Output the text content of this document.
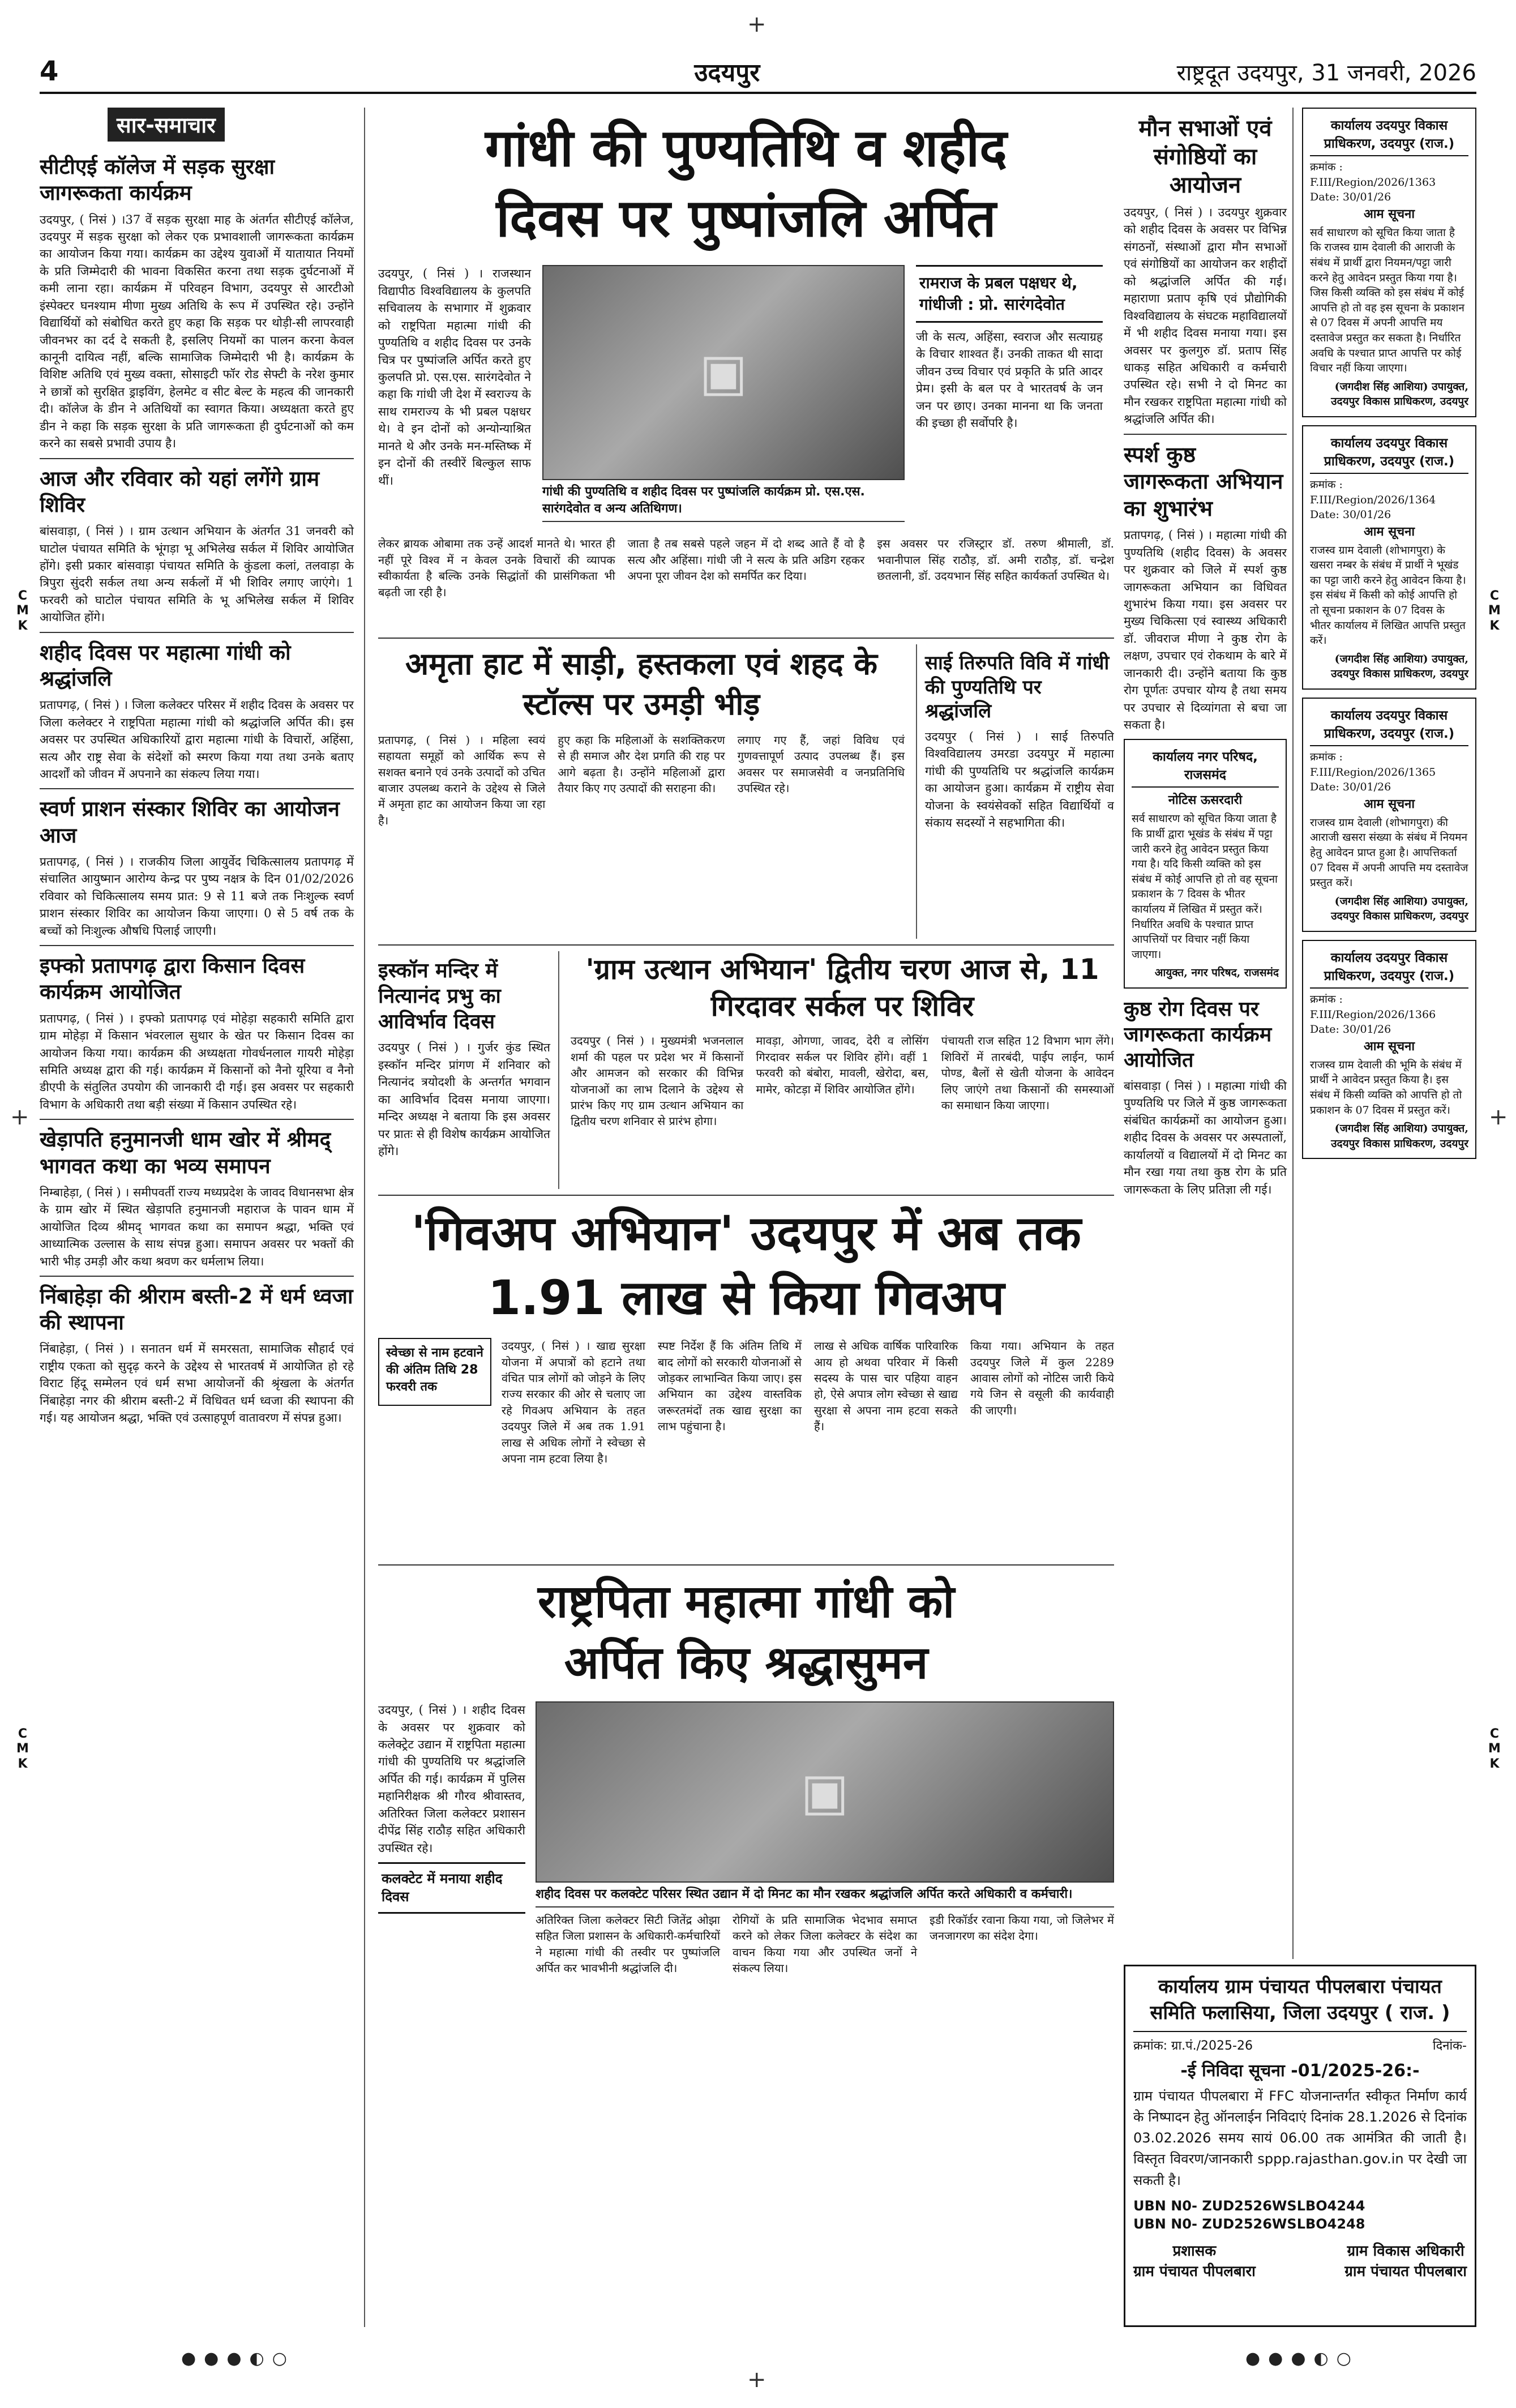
4	उदयपुर	राष्ट्रदूत उदयपुर, 31 जनवरी, 2026
सार-समाचार
सीटीएई कॉलेज में सड़क सुरक्षा जागरूकता कार्यक्रम

उदयपुर, ( निसं ) ।37 वें सड़क सुरक्षा माह के अंतर्गत सीटीएई कॉलेज, उदयपुर में सड़क सुरक्षा को लेकर एक प्रभावशाली जागरूकता कार्यक्रम का आयोजन किया गया। कार्यक्रम का उद्देश्य युवाओं में यातायात नियमों के प्रति जिम्मेदारी की भावना विकसित करना तथा सड़क दुर्घटनाओं में कमी लाना रहा। कार्यक्रम में परिवहन विभाग, उदयपुर से आरटीओ इंस्पेक्टर घनश्याम मीणा मुख्य अतिथि के रूप में उपस्थित रहे। उन्होंने विद्यार्थियों को संबोधित करते हुए कहा कि सड़क पर थोड़ी-सी लापरवाही जीवनभर का दर्द दे सकती है, इसलिए नियमों का पालन करना केवल कानूनी दायित्व नहीं, बल्कि सामाजिक जिम्मेदारी भी है। कार्यक्रम के विशिष्ट अतिथि एवं मुख्य वक्ता, सोसाइटी फॉर रोड सेफ्टी के नरेश कुमार ने छात्रों को सुरक्षित ड्राइविंग, हेलमेट व सीट बेल्ट के महत्व की जानकारी दी। कॉलेज के डीन ने अतिथियों का स्वागत किया। अध्यक्षता करते हुए डीन ने कहा कि सड़क सुरक्षा के प्रति जागरूकता ही दुर्घटनाओं को कम करने का सबसे प्रभावी उपाय है।

आज और रविवार को यहां लगेंगे ग्राम शिविर

बांसवाड़ा, ( निसं ) । ग्राम उत्थान अभियान के अंतर्गत 31 जनवरी को घाटोल पंचायत समिति के भूंगड़ा भू अभिलेख सर्कल में शिविर आयोजित होंगे। इसी प्रकार बांसवाड़ा पंचायत समिति के कुंडला कलां, तलवाड़ा के त्रिपुरा सुंदरी सर्कल तथा अन्य सर्कलों में भी शिविर लगाए जाएंगे। 1 फरवरी को घाटोल पंचायत समिति के भू अभिलेख सर्कल में शिविर आयोजित होंगे।

शहीद दिवस पर महात्मा गांधी को श्रद्धांजलि

प्रतापगढ़, ( निसं ) । जिला कलेक्टर परिसर में शहीद दिवस के अवसर पर जिला कलेक्टर ने राष्ट्रपिता महात्मा गांधी को श्रद्धांजलि अर्पित की। इस अवसर पर उपस्थित अधिकारियों द्वारा महात्मा गांधी के विचारों, अहिंसा, सत्य और राष्ट्र सेवा के संदेशों को स्मरण किया गया तथा उनके बताए आदर्शों को जीवन में अपनाने का संकल्प लिया गया।

स्वर्ण प्राशन संस्कार शिविर का आयोजन आज

प्रतापगढ़, ( निसं ) । राजकीय जिला आयुर्वेद चिकित्सालय प्रतापगढ़ में संचालित आयुष्मान आरोग्य केन्द्र पर पुष्य नक्षत्र के दिन 01/02/2026 रविवार को चिकित्सालय समय प्रात: 9 से 11 बजे तक निःशुल्क स्वर्ण प्राशन संस्कार शिविर का आयोजन किया जाएगा। 0 से 5 वर्ष तक के बच्चों को निःशुल्क औषधि पिलाई जाएगी।

इफ्को प्रतापगढ़ द्वारा किसान दिवस कार्यक्रम आयोजित

प्रतापगढ़, ( निसं ) । इफ्को प्रतापगढ़ एवं मोहेड़ा सहकारी समिति द्वारा ग्राम मोहेड़ा में किसान भंवरलाल सुथार के खेत पर किसान दिवस का आयोजन किया गया। कार्यक्रम की अध्यक्षता गोवर्धनलाल गायरी मोहेड़ा समिति अध्यक्ष द्वारा की गई। कार्यक्रम में किसानों को नैनो यूरिया व नैनो डीएपी के संतुलित उपयोग की जानकारी दी गई। इस अवसर पर सहकारी विभाग के अधिकारी तथा बड़ी संख्या में किसान उपस्थित रहे।

खेड़ापति हनुमानजी धाम खोर में श्रीमद् भागवत कथा का भव्य समापन

निम्बाहेड़ा, ( निसं ) । समीपवर्ती राज्य मध्यप्रदेश के जावद विधानसभा क्षेत्र के ग्राम खोर में स्थित खेड़ापति हनुमानजी महाराज के पावन धाम में आयोजित दिव्य श्रीमद् भागवत कथा का समापन श्रद्धा, भक्ति एवं आध्यात्मिक उल्लास के साथ संपन्न हुआ। समापन अवसर पर भक्तों की भारी भीड़ उमड़ी और कथा श्रवण कर धर्मलाभ लिया।

निंबाहेड़ा की श्रीराम बस्ती-2 में धर्म ध्वजा की स्थापना

निंबाहेड़ा, ( निसं ) । सनातन धर्म में समरसता, सामाजिक सौहार्द एवं राष्ट्रीय एकता को सुदृढ़ करने के उद्देश्य से भारतवर्ष में आयोजित हो रहे विराट हिंदू सम्मेलन एवं धर्म सभा आयोजनों की श्रृंखला के अंतर्गत निंबाहेड़ा नगर की श्रीराम बस्ती-2 में विधिवत धर्म ध्वजा की स्थापना की गई। यह आयोजन श्रद्धा, भक्ति एवं उत्साहपूर्ण वातावरण में संपन्न हुआ।

गांधी की पुण्यतिथि व शहीद
दिवस पर पुष्पांजलि अर्पित

उदयपुर, ( निसं ) । राजस्थान विद्यापीठ विश्वविद्यालय के कुलपति सचिवालय के सभागार में शुक्रवार को राष्ट्रपिता महात्मा गांधी की पुण्यतिथि व शहीद दिवस पर उनके चित्र पर पुष्पांजलि अर्पित करते हुए कुलपति प्रो. एस.एस. सारंगदेवोत ने कहा कि गांधी जी देश में स्वराज्य के साथ रामराज्य के भी प्रबल पक्षधर थे। वे इन दोनों को अन्योन्याश्रित मानते थे और उनके मन-मस्तिष्क में इन दोनों की तस्वीरें बिल्कुल साफ थीं।

▣
गांधी की पुण्यतिथि व शहीद दिवस पर पुष्पांजलि कार्यक्रम प्रो. एस.एस. सारंगदेवोत व अन्य अतिथिगण।
रामराज के प्रबल पक्षधर थे, गांधीजी : प्रो. सारंगदेवोत

जी के सत्य, अहिंसा, स्वराज और सत्याग्रह के विचार शाश्वत हैं। उनकी ताकत थी सादा जीवन उच्च विचार एवं प्रकृति के प्रति आदर प्रेम। इसी के बल पर वे भारतवर्ष के जन जन पर छाए। उनका मानना था कि जनता की इच्छा ही सर्वोपरि है।

लेकर ब्रायक ओबामा तक उन्हें आदर्श मानते थे। भारत ही नहीं पूरे विश्व में न केवल उनके विचारों की व्यापक स्वीकार्यता है बल्कि उनके सिद्धांतों की प्रासंगिकता भी बढ़ती जा रही है।

जाता है तब सबसे पहले जहन में दो शब्द आते हैं वो है सत्य और अहिंसा। गांधी जी ने सत्य के प्रति अडिग रहकर अपना पूरा जीवन देश को समर्पित कर दिया।

इस अवसर पर रजिस्ट्रार डॉ. तरुण श्रीमाली, डॉ. भवानीपाल सिंह राठौड़, डॉ. अमी राठौड़, डॉ. चन्द्रेश छतलानी, डॉ. उदयभान सिंह सहित कार्यकर्ता उपस्थित थे।

अमृता हाट में साड़ी, हस्तकला एवं शहद के स्टॉल्स पर उमड़ी भीड़

प्रतापगढ़, ( निसं ) । महिला स्वयं सहायता समूहों को आर्थिक रूप से सशक्त बनाने एवं उनके उत्पादों को उचित बाजार उपलब्ध कराने के उद्देश्य से जिले में अमृता हाट का आयोजन किया जा रहा है।

हुए कहा कि महिलाओं के सशक्तिकरण से ही समाज और देश प्रगति की राह पर आगे बढ़ता है। उन्होंने महिलाओं द्वारा तैयार किए गए उत्पादों की सराहना की।

लगाए गए हैं, जहां विविध एवं गुणवत्तापूर्ण उत्पाद उपलब्ध हैं। इस अवसर पर समाजसेवी व जनप्रतिनिधि उपस्थित रहे।

साई तिरुपति विवि में गांधी की पुण्यतिथि पर श्रद्धांजलि

उदयपुर ( निसं ) । साई तिरुपति विश्वविद्यालय उमरडा उदयपुर में महात्मा गांधी की पुण्यतिथि पर श्रद्धांजलि कार्यक्रम का आयोजन हुआ। कार्यक्रम में राष्ट्रीय सेवा योजना के स्वयंसेवकों सहित विद्यार्थियों व संकाय सदस्यों ने सहभागिता की।

इस्कॉन मन्दिर में नित्यानंद प्रभु का आविर्भाव दिवस

उदयपुर ( निसं ) । गुर्जर कुंड स्थित इस्कॉन मन्दिर प्रांगण में शनिवार को नित्यानंद त्रयोदशी के अन्तर्गत भगवान का आविर्भाव दिवस मनाया जाएगा। मन्दिर अध्यक्ष ने बताया कि इस अवसर पर प्रातः से ही विशेष कार्यक्रम आयोजित होंगे।

'ग्राम उत्थान अभियान' द्वितीय चरण आज से, 11 गिरदावर सर्कल पर शिविर

उदयपुर ( निसं ) । मुख्यमंत्री भजनलाल शर्मा की पहल पर प्रदेश भर में किसानों और आमजन को सरकार की विभिन्न योजनाओं का लाभ दिलाने के उद्देश्य से प्रारंभ किए गए ग्राम उत्थान अभियान का द्वितीय चरण शनिवार से प्रारंभ होगा।

मावड़ा, ओगणा, जावद, देरी व लोसिंग गिरदावर सर्कल पर शिविर होंगे। वहीं 1 फरवरी को बंबोरा, मावली, खेरोदा, बस, मामेर, कोटड़ा में शिविर आयोजित होंगे।

पंचायती राज सहित 12 विभाग भाग लेंगे। शिविरों में तारबंदी, पाईप लाईन, फार्म पोण्ड, बैलों से खेती योजना के आवेदन लिए जाएंगे तथा किसानों की समस्याओं का समाधान किया जाएगा।

'गिवअप अभियान' उदयपुर में अब तक
1.91 लाख से किया गिवअप
स्वेच्छा से नाम हटवाने की अंतिम तिथि 28 फरवरी तक

उदयपुर, ( निसं ) । खाद्य सुरक्षा योजना में अपात्रों को हटाने तथा वंचित पात्र लोगों को जोड़ने के लिए राज्य सरकार की ओर से चलाए जा रहे गिवअप अभियान के तहत उदयपुर जिले में अब तक 1.91 लाख से अधिक लोगों ने स्वेच्छा से अपना नाम हटवा लिया है।

स्पष्ट निर्देश हैं कि अंतिम तिथि में बाद लोगों को सरकारी योजनाओं से जोड़कर लाभान्वित किया जाए। इस अभियान का उद्देश्य वास्तविक जरूरतमंदों तक खाद्य सुरक्षा का लाभ पहुंचाना है।

लाख से अधिक वार्षिक पारिवारिक आय हो अथवा परिवार में किसी सदस्य के पास चार पहिया वाहन हो, ऐसे अपात्र लोग स्वेच्छा से खाद्य सुरक्षा से अपना नाम हटवा सकते हैं।

किया गया। अभियान के तहत उदयपुर जिले में कुल 2289 आवास लोगों को नोटिस जारी किये गये जिन से वसूली की कार्यवाही की जाएगी।

राष्ट्रपिता महात्मा गांधी को
अर्पित किए श्रद्धासुमन

उदयपुर, ( निसं ) । शहीद दिवस के अवसर पर शुक्रवार को कलेक्ट्रेट उद्यान में राष्ट्रपिता महात्मा गांधी की पुण्यतिथि पर श्रद्धांजलि अर्पित की गई। कार्यक्रम में पुलिस महानिरीक्षक श्री गौरव श्रीवास्तव, अतिरिक्त जिला कलेक्टर प्रशासन दीपेंद्र सिंह राठौड़ सहित अधिकारी उपस्थित रहे।

कलक्टेट में मनाया शहीद दिवस
▣
शहीद दिवस पर कलक्टेट परिसर स्थित उद्यान में दो मिनट का मौन रखकर श्रद्धांजलि अर्पित करते अधिकारी व कर्मचारी।

अतिरिक्त जिला कलेक्टर सिटी जितेंद्र ओझा सहित जिला प्रशासन के अधिकारी-कर्मचारियों ने महात्मा गांधी की तस्वीर पर पुष्पांजलि अर्पित कर भावभीनी श्रद्धांजलि दी।

रोगियों के प्रति सामाजिक भेदभाव समाप्त करने को लेकर जिला कलेक्टर के संदेश का वाचन किया गया और उपस्थित जनों ने संकल्प लिया।

इडी रिकॉर्डर रवाना किया गया, जो जिलेभर में जनजागरण का संदेश देगा।

मौन सभाओं एवं संगोष्ठियों का आयोजन

उदयपुर, ( निसं ) । उदयपुर शुक्रवार को शहीद दिवस के अवसर पर विभिन्न संगठनों, संस्थाओं द्वारा मौन सभाओं एवं संगोष्ठियों का आयोजन कर शहीदों को श्रद्धांजलि अर्पित की गई। महाराणा प्रताप कृषि एवं प्रौद्योगिकी विश्वविद्यालय के संघटक महाविद्यालयों में भी शहीद दिवस मनाया गया। इस अवसर पर कुलगुरु डॉ. प्रताप सिंह धाकड़ सहित अधिकारी व कर्मचारी उपस्थित रहे। सभी ने दो मिनट का मौन रखकर राष्ट्रपिता महात्मा गांधी को श्रद्धांजलि अर्पित की।

स्पर्श कुष्ठ जागरूकता अभियान का शुभारंभ

प्रतापगढ़, ( निसं ) । महात्मा गांधी की पुण्यतिथि (शहीद दिवस) के अवसर पर शुक्रवार को जिले में स्पर्श कुष्ठ जागरूकता अभियान का विधिवत शुभारंभ किया गया। इस अवसर पर मुख्य चिकित्सा एवं स्वास्थ्य अधिकारी डॉ. जीवराज मीणा ने कुष्ठ रोग के लक्षण, उपचार एवं रोकथाम के बारे में जानकारी दी। उन्होंने बताया कि कुष्ठ रोग पूर्णतः उपचार योग्य है तथा समय पर उपचार से दिव्यांगता से बचा जा सकता है।

कार्यालय नगर परिषद, राजसमंद
नोटिस ऊसरदारी
सर्व साधारण को सूचित किया जाता है कि प्रार्थी द्वारा भूखंड के संबंध में पट्टा जारी करने हेतु आवेदन प्रस्तुत किया गया है। यदि किसी व्यक्ति को इस संबंध में कोई आपत्ति हो तो वह सूचना प्रकाशन के 7 दिवस के भीतर कार्यालय में लिखित में प्रस्तुत करें। निर्धारित अवधि के पश्चात प्राप्त आपत्तियों पर विचार नहीं किया जाएगा।
आयुक्त, नगर परिषद, राजसमंद
कुष्ठ रोग दिवस पर जागरूकता कार्यक्रम आयोजित

बांसवाड़ा ( निसं ) । महात्मा गांधी की पुण्यतिथि पर जिले में कुष्ठ जागरूकता संबंधित कार्यक्रमों का आयोजन हुआ। शहीद दिवस के अवसर पर अस्पतालों, कार्यालयों व विद्यालयों में दो मिनट का मौन रखा गया तथा कुष्ठ रोग के प्रति जागरूकता के लिए प्रतिज्ञा ली गई।

कार्यालय उदयपुर विकास प्राधिकरण, उदयपुर (राज.)
क्रमांक : F.III/Region/2026/1363 Date: 30/01/26
आम सूचना
सर्व साधारण को सूचित किया जाता है कि राजस्व ग्राम देवाली की आराजी के संबंध में प्रार्थी द्वारा नियमन/पट्टा जारी करने हेतु आवेदन प्रस्तुत किया गया है। जिस किसी व्यक्ति को इस संबंध में कोई आपत्ति हो तो वह इस सूचना के प्रकाशन से 07 दिवस में अपनी आपत्ति मय दस्तावेज प्रस्तुत कर सकता है। निर्धारित अवधि के पश्चात प्राप्त आपत्ति पर कोई विचार नहीं किया जाएगा।
(जगदीश सिंह आशिया) उपायुक्त, उदयपुर विकास प्राधिकरण, उदयपुर
कार्यालय उदयपुर विकास प्राधिकरण, उदयपुर (राज.)
क्रमांक : F.III/Region/2026/1364 Date: 30/01/26
आम सूचना
राजस्व ग्राम देवाली (शोभागपुरा) के खसरा नम्बर के संबंध में प्रार्थी ने भूखंड का पट्टा जारी करने हेतु आवेदन किया है। इस संबंध में किसी को कोई आपत्ति हो तो सूचना प्रकाशन के 07 दिवस के भीतर कार्यालय में लिखित आपत्ति प्रस्तुत करें।
(जगदीश सिंह आशिया) उपायुक्त, उदयपुर विकास प्राधिकरण, उदयपुर
कार्यालय उदयपुर विकास प्राधिकरण, उदयपुर (राज.)
क्रमांक : F.III/Region/2026/1365 Date: 30/01/26
आम सूचना
राजस्व ग्राम देवाली (शोभागपुरा) की आराजी खसरा संख्या के संबंध में नियमन हेतु आवेदन प्राप्त हुआ है। आपत्तिकर्ता 07 दिवस में अपनी आपत्ति मय दस्तावेज प्रस्तुत करें।
(जगदीश सिंह आशिया) उपायुक्त, उदयपुर विकास प्राधिकरण, उदयपुर
कार्यालय उदयपुर विकास प्राधिकरण, उदयपुर (राज.)
क्रमांक : F.III/Region/2026/1366 Date: 30/01/26
आम सूचना
राजस्व ग्राम देवाली की भूमि के संबंध में प्रार्थी ने आवेदन प्रस्तुत किया है। इस संबंध में किसी व्यक्ति को आपत्ति हो तो प्रकाशन के 07 दिवस में प्रस्तुत करें।
(जगदीश सिंह आशिया) उपायुक्त, उदयपुर विकास प्राधिकरण, उदयपुर
कार्यालय ग्राम पंचायत पीपलबारा पंचायत
समिति फलासिया, जिला उदयपुर ( राज. )
क्रमांक: ग्रा.पं./2025-26	दिनांक-
-ई निविदा सूचना -01/2025-26:-

ग्राम पंचायत पीपलबारा में FFC योजनान्तर्गत स्वीकृत निर्माण कार्य के निष्पादन हेतु ऑनलाईन निविदाएं दिनांक 28.1.2026 से दिनांक 03.02.2026 समय सायं 06.00 तक आमंत्रित की जाती है। विस्तृत विवरण/जानकारी sppp.rajasthan.gov.in पर देखी जा सकती है।

UBN N0- ZUD2526WSLBO4244
UBN N0- ZUD2526WSLBO4248
प्रशासक
ग्राम पंचायत पीपलबारा
ग्राम विकास अधिकारी
ग्राम पंचायत पीपलबारा
C
M
K
C
M
K
C
M
K
C
M
K
+	+
+
+
●●●◐○	●●●◐○
